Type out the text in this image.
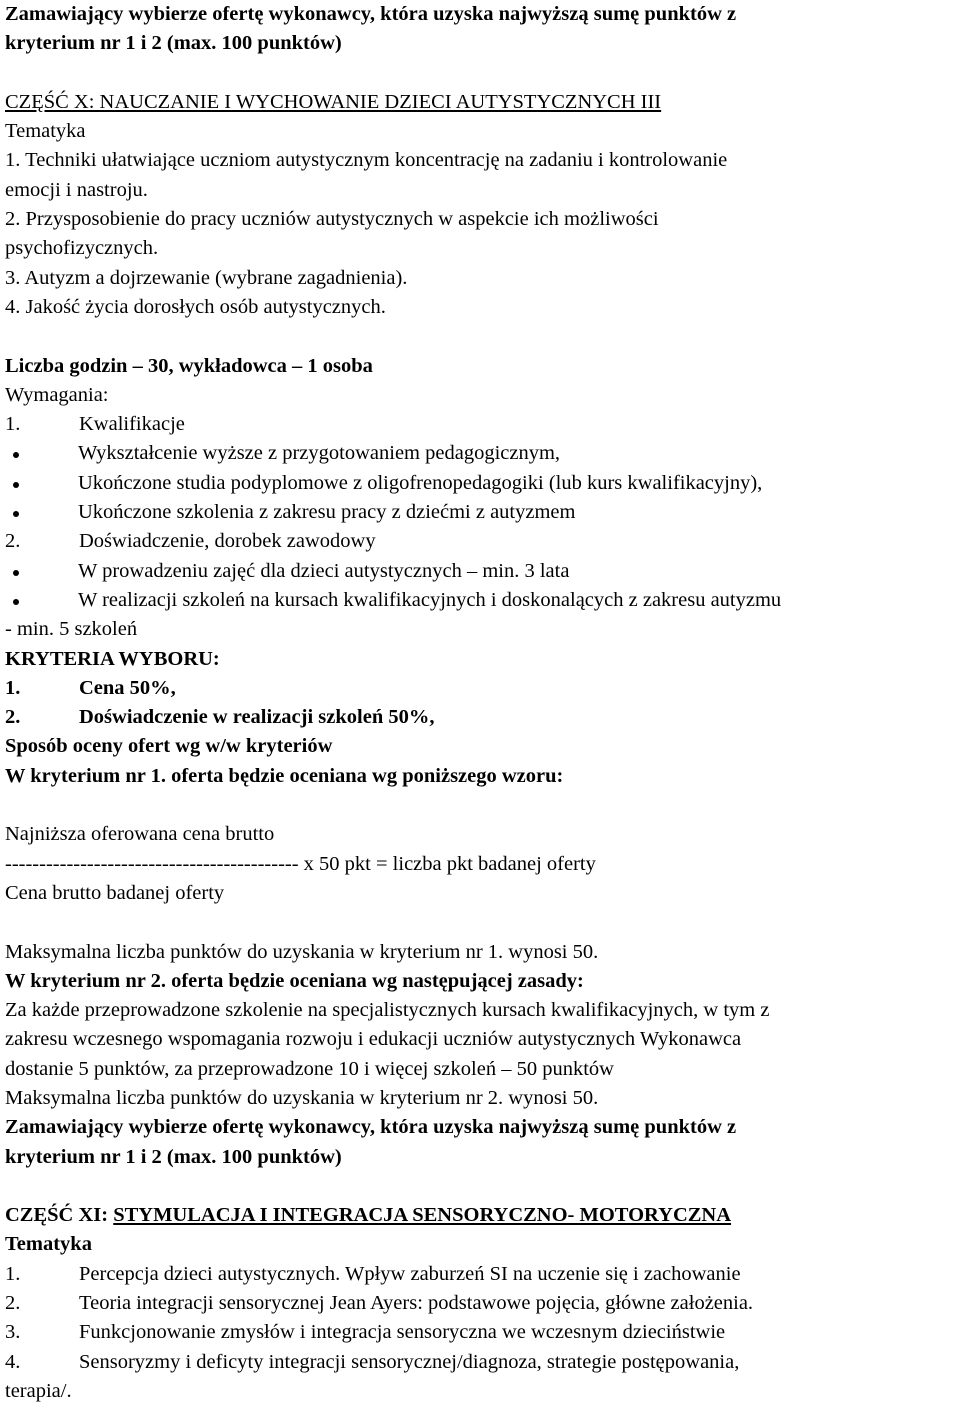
Zamawiający wybierze ofertę wykonawcy, która uzyska najwyższą sumę punktów z
kryterium nr 1 i 2 (max. 100 punktów)
CZĘŚĆ X: NAUCZANIE I WYCHOWANIE DZIECI AUTYSTYCZNYCH III
Tematyka
1. Techniki ułatwiające uczniom autystycznym koncentrację na zadaniu i kontrolowanie
emocji i nastroju.
2. Przysposobienie do pracy uczniów autystycznych w aspekcie ich możliwości
psychofizycznych.
3. Autyzm a dojrzewanie (wybrane zagadnienia).
4. Jakość życia dorosłych osób autystycznych.
Liczba godzin – 30, wykładowca – 1 osoba
Wymagania:
1.	Kwalifikacje
Wykształcenie wyższe z przygotowaniem pedagogicznym,
Ukończone studia podyplomowe z oligofrenopedagogiki (lub kurs kwalifikacyjny),
Ukończone szkolenia z zakresu pracy z dziećmi z autyzmem
2.	Doświadczenie, dorobek zawodowy
W prowadzeniu zajęć dla dzieci autystycznych – min. 3 lata
W realizacji szkoleń na kursach kwalifikacyjnych i doskonalących z zakresu autyzmu
- min. 5 szkoleń
KRYTERIA WYBORU:
1.	Cena 50%,
2.	Doświadczenie w realizacji szkoleń 50%,
Sposób oceny ofert wg w/w kryteriów
W kryterium nr 1. oferta będzie oceniana wg poniższego wzoru:
Najniższa oferowana cena brutto
------------------------------------------- x 50 pkt = liczba pkt badanej oferty
Cena brutto badanej oferty
Maksymalna liczba punktów do uzyskania w kryterium nr 1. wynosi 50.
W kryterium nr 2. oferta będzie oceniana wg następującej zasady:
Za każde przeprowadzone szkolenie na specjalistycznych kursach kwalifikacyjnych, w tym z
zakresu wczesnego wspomagania rozwoju i edukacji uczniów autystycznych Wykonawca
dostanie 5 punktów, za przeprowadzone 10 i więcej szkoleń – 50 punktów
Maksymalna liczba punktów do uzyskania w kryterium nr 2. wynosi 50.
Zamawiający wybierze ofertę wykonawcy, która uzyska najwyższą sumę punktów z
kryterium nr 1 i 2 (max. 100 punktów)
CZĘŚĆ XI: STYMULACJA I INTEGRACJA SENSORYCZNO- MOTORYCZNA
Tematyka
1.	Percepcja dzieci autystycznych. Wpływ zaburzeń SI na uczenie się i zachowanie
2.	Teoria integracji sensorycznej Jean Ayers: podstawowe pojęcia, główne założenia.
3.	Funkcjonowanie zmysłów i integracja sensoryczna we wczesnym dzieciństwie
4.	Sensoryzmy i deficyty integracji sensorycznej/diagnoza, strategie postępowania,
terapia/.
